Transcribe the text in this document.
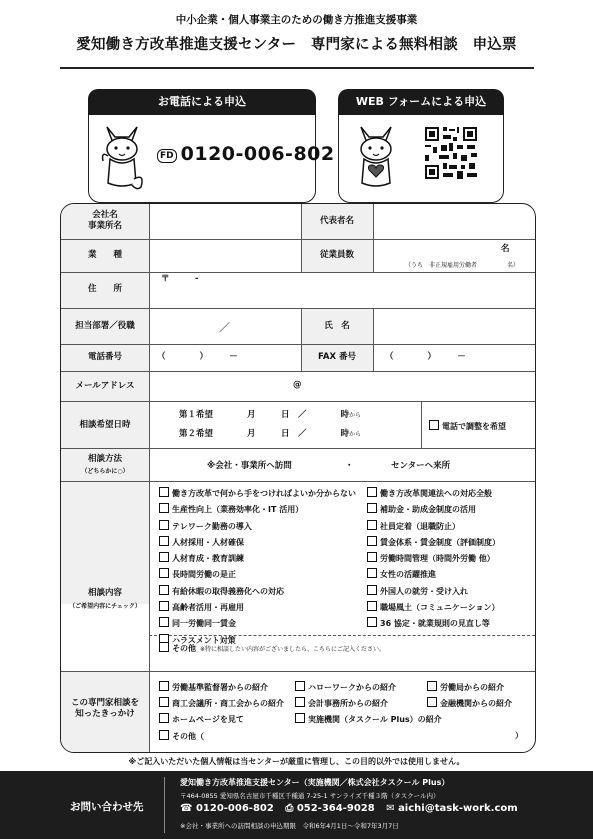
中小企業・個人事業主のための働き方推進支援事業
愛知働き方改革推進支援センター　専門家による無料相談　申込票
お電話による申込
FD 0120-006-802
WEB フォームによる申込
会社名
事業所名	代表者名
業　　種	従業員数
名
（うち　非正規雇用労働者　　　　　名）
住　　所
〒　　　-
担当部署／役職	／	氏　名
電話番号	（　　　　）　　　－	FAX 番号	（　　　　）　　　－
メールアドレス	@
相談希望日時
第１希望　　　　月　　　日　／　　　　時から
第２希望　　　　月　　　日　／　　　　時から
電話で調整を希望
相談方法
（どちらかに○）
※会社・事業所へ訪問	・	センターへ来所
相談内容
（ご希望内容にチェック）
働き方改革で何から手をつければよいか分からない
生産性向上（業務効率化・IT 活用）
テレワーク勤務の導入
人材採用・人材確保
人材育成・教育訓練
長時間労働の是正
有給休暇の取得義務化への対応
高齢者活用・再雇用
同一労働同一賃金
ハラスメント対策
働き方改革関連法への対応全般
補助金・助成金制度の活用
社員定着（退職防止）
賃金体系・賃金制度（評価制度）
労働時間管理（時間外労働 他）
女性の活躍推進
外国人の就労・受け入れ
職場風土（コミュニケーション）
36 協定・就業規則の見直し等
その他 ※特に相談したい内容がございましたら、こちらにご記入ください。
この専門家相談を
知ったきっかけ
労働基準監督署からの紹介	ハローワークからの紹介	労働局からの紹介
商工会議所・商工会からの紹介	会計事務所からの紹介	金融機関からの紹介
ホームページを見て	実施機関（タスクール Plus）の紹介
その他（	）
※ご記入いただいた個人情報は当センターが厳重に管理し、この目的以外では使用しません。
お問い合わせ先
愛知働き方改革推進支援センター（実施機関／株式会社タスクール Plus）
〒464-0855 愛知県名古屋市千種区千種通 7-25-1 サンライズ千種３階（タスクール内）
☎ 0120-006-802 ⎙ 052-364-9028 ✉ aichi@task-work.com
※会社・事業所への訪問相談の申込期限　令和6年4月1日～令和7年3月7日
